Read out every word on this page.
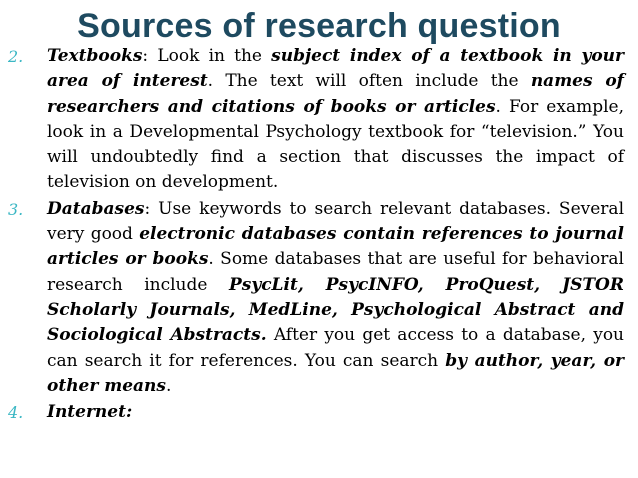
Sources of research question
2. Textbooks: Look in the subject index of a textbook in your area of interest. The text will often include the names of researchers and citations of books or articles. For example, look in a Developmental Psychology textbook for “television.” You will undoubtedly find a section that discusses the impact of television on development.
3. Databases: Use keywords to search relevant databases. Several very good electronic databases contain references to journal articles or books. Some databases that are useful for behavioral research include PsycLit, PsycINFO, ProQuest, JSTOR Scholarly Journals, MedLine, Psychological Abstract and Sociological Abstracts. After you get access to a database, you can search it for references. You can search by author, year, or other means.
4. Internet:
